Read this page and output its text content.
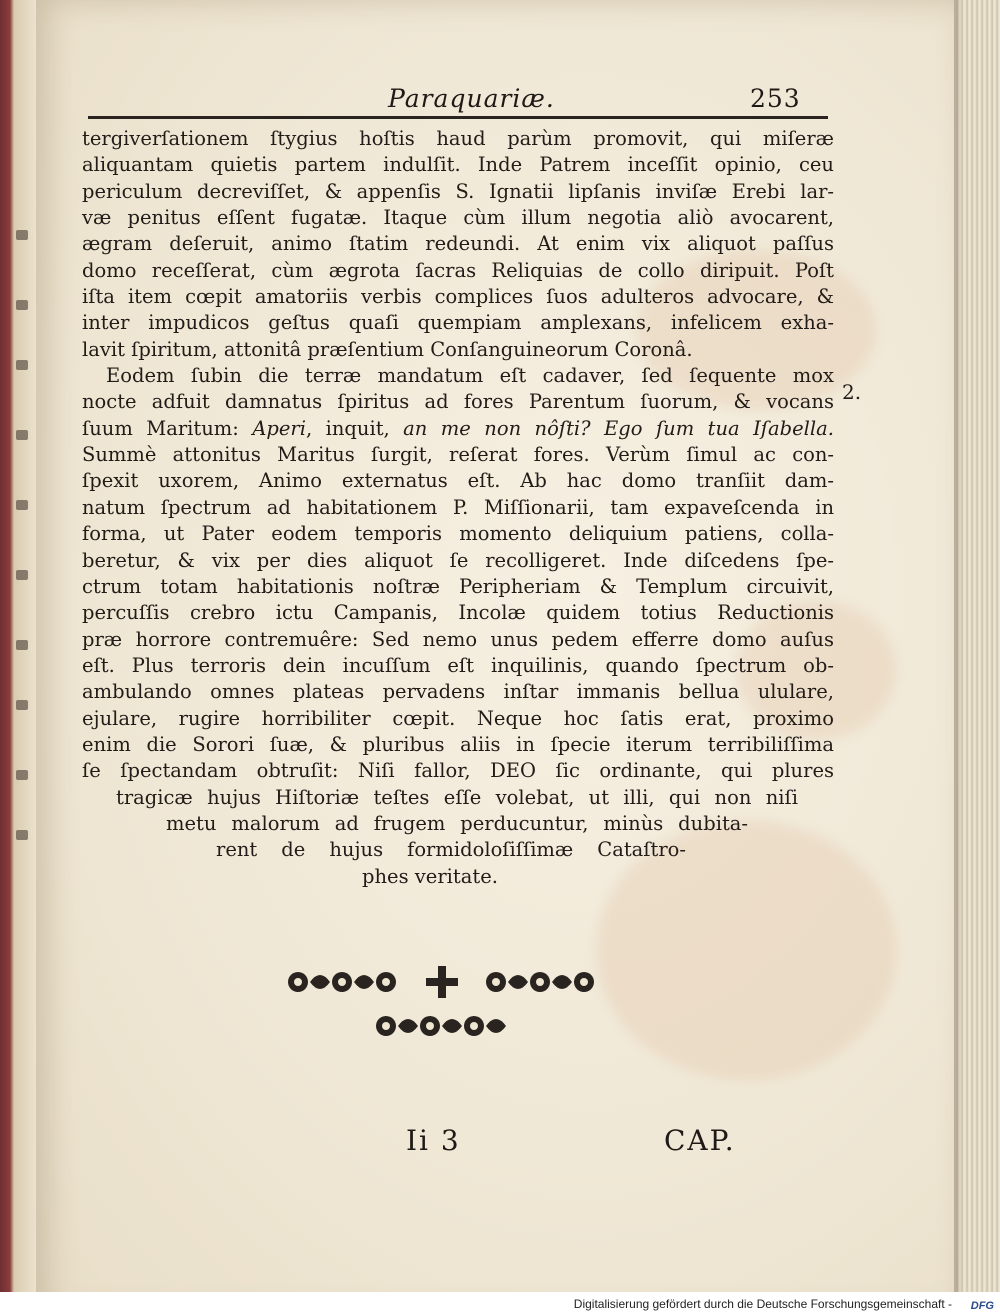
Paraquariæ.	253
tergiverſationem ſtygius hoſtis haud parùm promovit, qui miſeræ
aliquantam quietis partem indulſit. Inde Patrem inceſſit opinio, ceu
periculum decreviſſet, & appenſis S. Ignatii lipſanis inviſæ Erebi lar-
væ penitus eſſent fugatæ. Itaque cùm illum negotia aliò avocarent,
ægram deſeruit, animo ſtatim redeundi. At enim vix aliquot paſſus
domo receſſerat, cùm ægrota ſacras Reliquias de collo diripuit. Poſt
iſta item cœpit amatoriis verbis complices ſuos adulteros advocare, &
inter impudicos geſtus quaſi quempiam amplexans, infelicem exha-
lavit ſpiritum, attonitâ præſentium Conſanguineorum Coronâ.
Eodem ſubin die terræ mandatum eſt cadaver, ſed ſequente mox
nocte adfuit damnatus ſpiritus ad fores Parentum ſuorum, & vocans
ſuum Maritum: Aperi, inquit, an me non nôſti? Ego ſum tua Iſabella.
Summè attonitus Maritus ſurgit, reſerat fores. Verùm ſimul ac con-
ſpexit uxorem, Animo externatus eſt. Ab hac domo tranſiit dam-
natum ſpectrum ad habitationem P. Miſſionarii, tam expaveſcenda in
forma, ut Pater eodem temporis momento deliquium patiens, colla-
beretur, & vix per dies aliquot ſe recolligeret. Inde diſcedens ſpe-
ctrum totam habitationis noſtræ Peripheriam & Templum circuivit,
percuſſis crebro ictu Campanis, Incolæ quidem totius Reductionis
præ horrore contremuêre: Sed nemo unus pedem efferre domo auſus
eſt. Plus terroris dein incuſſum eſt inquilinis, quando ſpectrum ob-
ambulando omnes plateas pervadens inſtar immanis bellua ululare,
ejulare, rugire horribiliter cœpit. Neque hoc ſatis erat, proximo
enim die Sorori ſuæ, & pluribus aliis in ſpecie iterum terribiliſſima
ſe ſpectandam obtruſit: Niſi fallor, DEO ſic ordinante, qui plures
tragicæ hujus Hiſtoriæ teſtes eſſe volebat, ut illi, qui non niſi
metu malorum ad frugem perducuntur, minùs dubita-
rent de hujus formidoloſiſſimæ Cataſtro-
phes veritate.
2.
Ii 3	CAP.
Digitalisierung gefördert durch die Deutsche Forschungsgemeinschaft - DFG
